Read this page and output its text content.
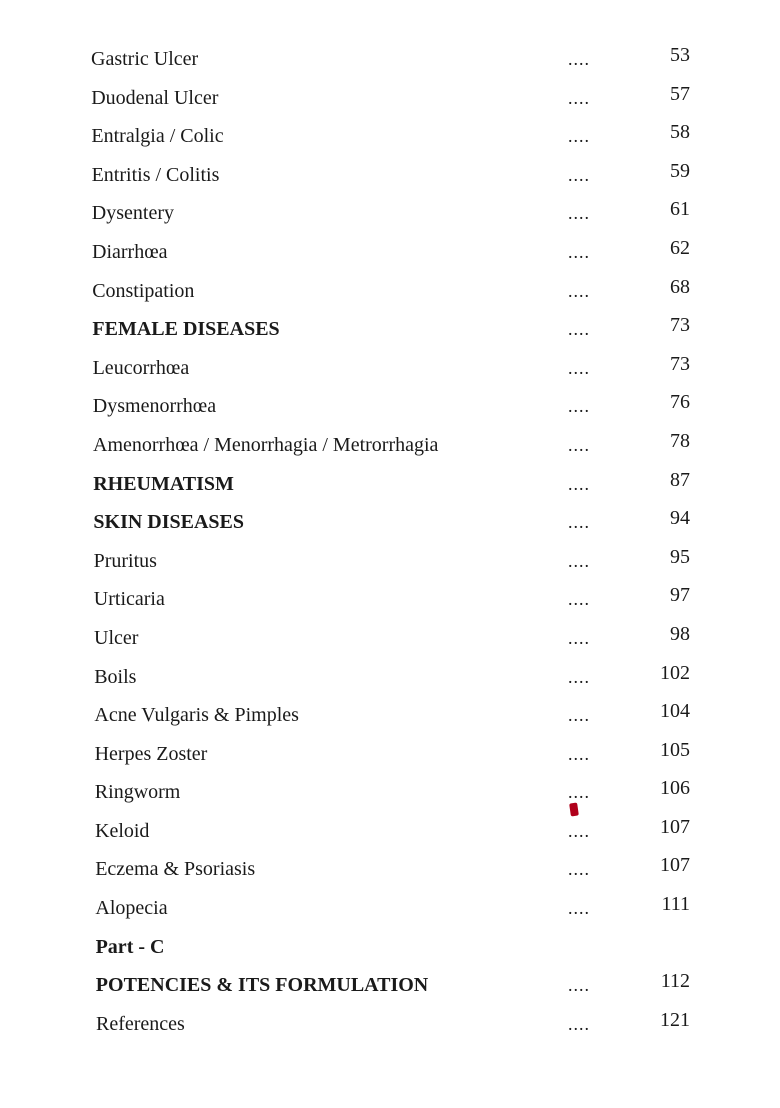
Gastric Ulcer	....	53
Duodenal Ulcer	....	57
Entralgia / Colic	....	58
Entritis / Colitis	....	59
Dysentery	....	61
Diarrhœa	....	62
Constipation	....	68
FEMALE DISEASES	....	73
Leucorrhœa	....	73
Dysmenorrhœa	....	76
Amenorrhœa / Menorrhagia / Metrorrhagia	....	78
RHEUMATISM	....	87
SKIN DISEASES	....	94
Pruritus	....	95
Urticaria	....	97
Ulcer	....	98
Boils	....	102
Acne Vulgaris & Pimples	....	104
Herpes Zoster	....	105
Ringworm	....	106
Keloid	....	107
Eczema & Psoriasis	....	107
Alopecia	....	111
Part - C
POTENCIES & ITS FORMULATION	....	112
References	....	121
